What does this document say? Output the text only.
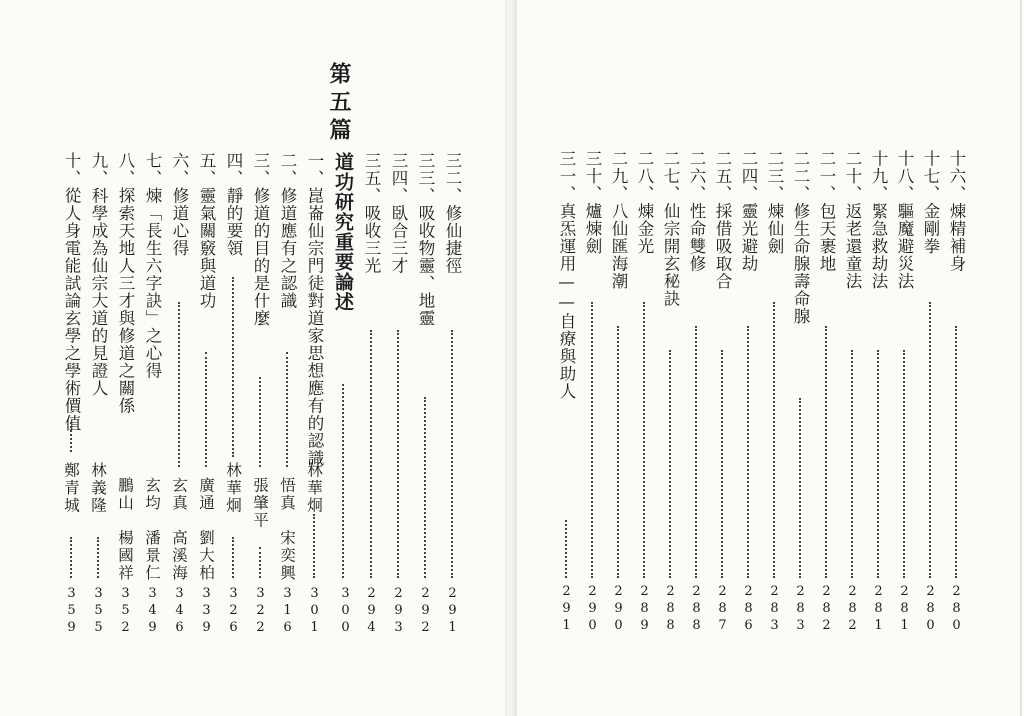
三二、修仙捷徑
291
三三、吸收物靈、地靈
292
三四、臥合三才
293
三五、吸收三光
294
第五篇
道功研究重要論述
300
一、崑崙仙宗門徒對道家思想應有的認識
林華炯
301
二、修道應有之認識
悟真　宋奕興
316
三、修道的目的是什麼
張肇平
322
四、靜的要領
林華炯
326
五、靈氣關竅與道功
廣通　劉大柏
339
六、修道心得
玄真　高溪海
346
七、煉「長生六字訣」之心得
玄均　潘景仁
349
八、探索天地人三才與修道之關係
鵬山　楊國祥
352
九、科學成為仙宗大道的見證人
林義隆
355
十、從人身電能試論玄學之學術價值
鄭青城
359
十六、煉精補身
280
十七、金剛拳
280
十八、驅魔避災法
281
十九、緊急救劫法
281
二十、返老還童法
282
二一、包天裹地
282
二二、修生命腺壽命腺
283
二三、煉仙劍
283
二四、靈光避劫
286
二五、採借吸取合
287
二六、性命雙修
288
二七、仙宗開玄秘訣
288
二八、煉金光
289
二九、八仙匯海潮
290
三十、爐煉劍
290
三一、真炁運用——自療與助人
291
